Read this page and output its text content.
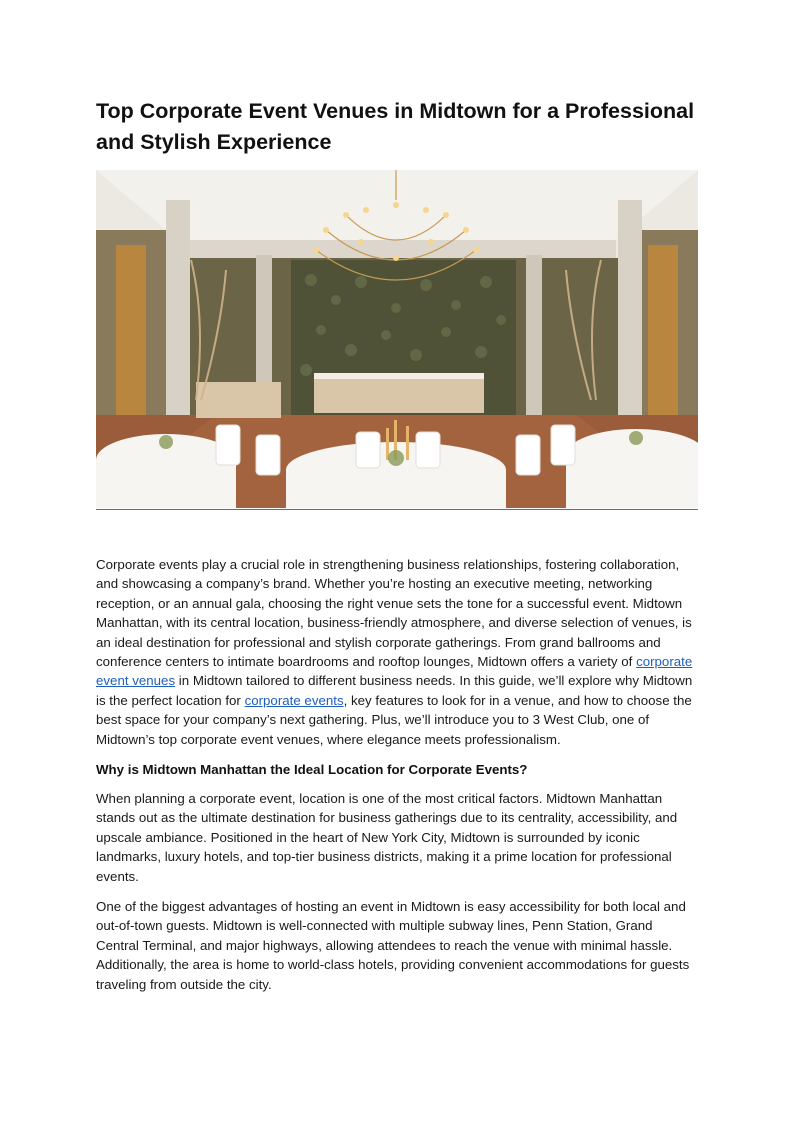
Top Corporate Event Venues in Midtown for a Professional and Stylish Experience

Corporate events play a crucial role in strengthening business relationships, fostering collaboration, and showcasing a company’s brand. Whether you’re hosting an executive meeting, networking reception, or an annual gala, choosing the right venue sets the tone for a successful event. Midtown Manhattan, with its central location, business-friendly atmosphere, and diverse selection of venues, is an ideal destination for professional and stylish corporate gatherings. From grand ballrooms and conference centers to intimate boardrooms and rooftop lounges, Midtown offers a variety of corporate event venues in Midtown tailored to different business needs. In this guide, we’ll explore why Midtown is the perfect location for corporate events, key features to look for in a venue, and how to choose the best space for your company’s next gathering. Plus, we’ll introduce you to 3 West Club, one of Midtown’s top corporate event venues, where elegance meets professionalism.

Why is Midtown Manhattan the Ideal Location for Corporate Events?

When planning a corporate event, location is one of the most critical factors. Midtown Manhattan stands out as the ultimate destination for business gatherings due to its centrality, accessibility, and upscale ambiance. Positioned in the heart of New York City, Midtown is surrounded by iconic landmarks, luxury hotels, and top-tier business districts, making it a prime location for professional events.

One of the biggest advantages of hosting an event in Midtown is easy accessibility for both local and out-of-town guests. Midtown is well-connected with multiple subway lines, Penn Station, Grand Central Terminal, and major highways, allowing attendees to reach the venue with minimal hassle. Additionally, the area is home to world-class hotels, providing convenient accommodations for guests traveling from outside the city.
